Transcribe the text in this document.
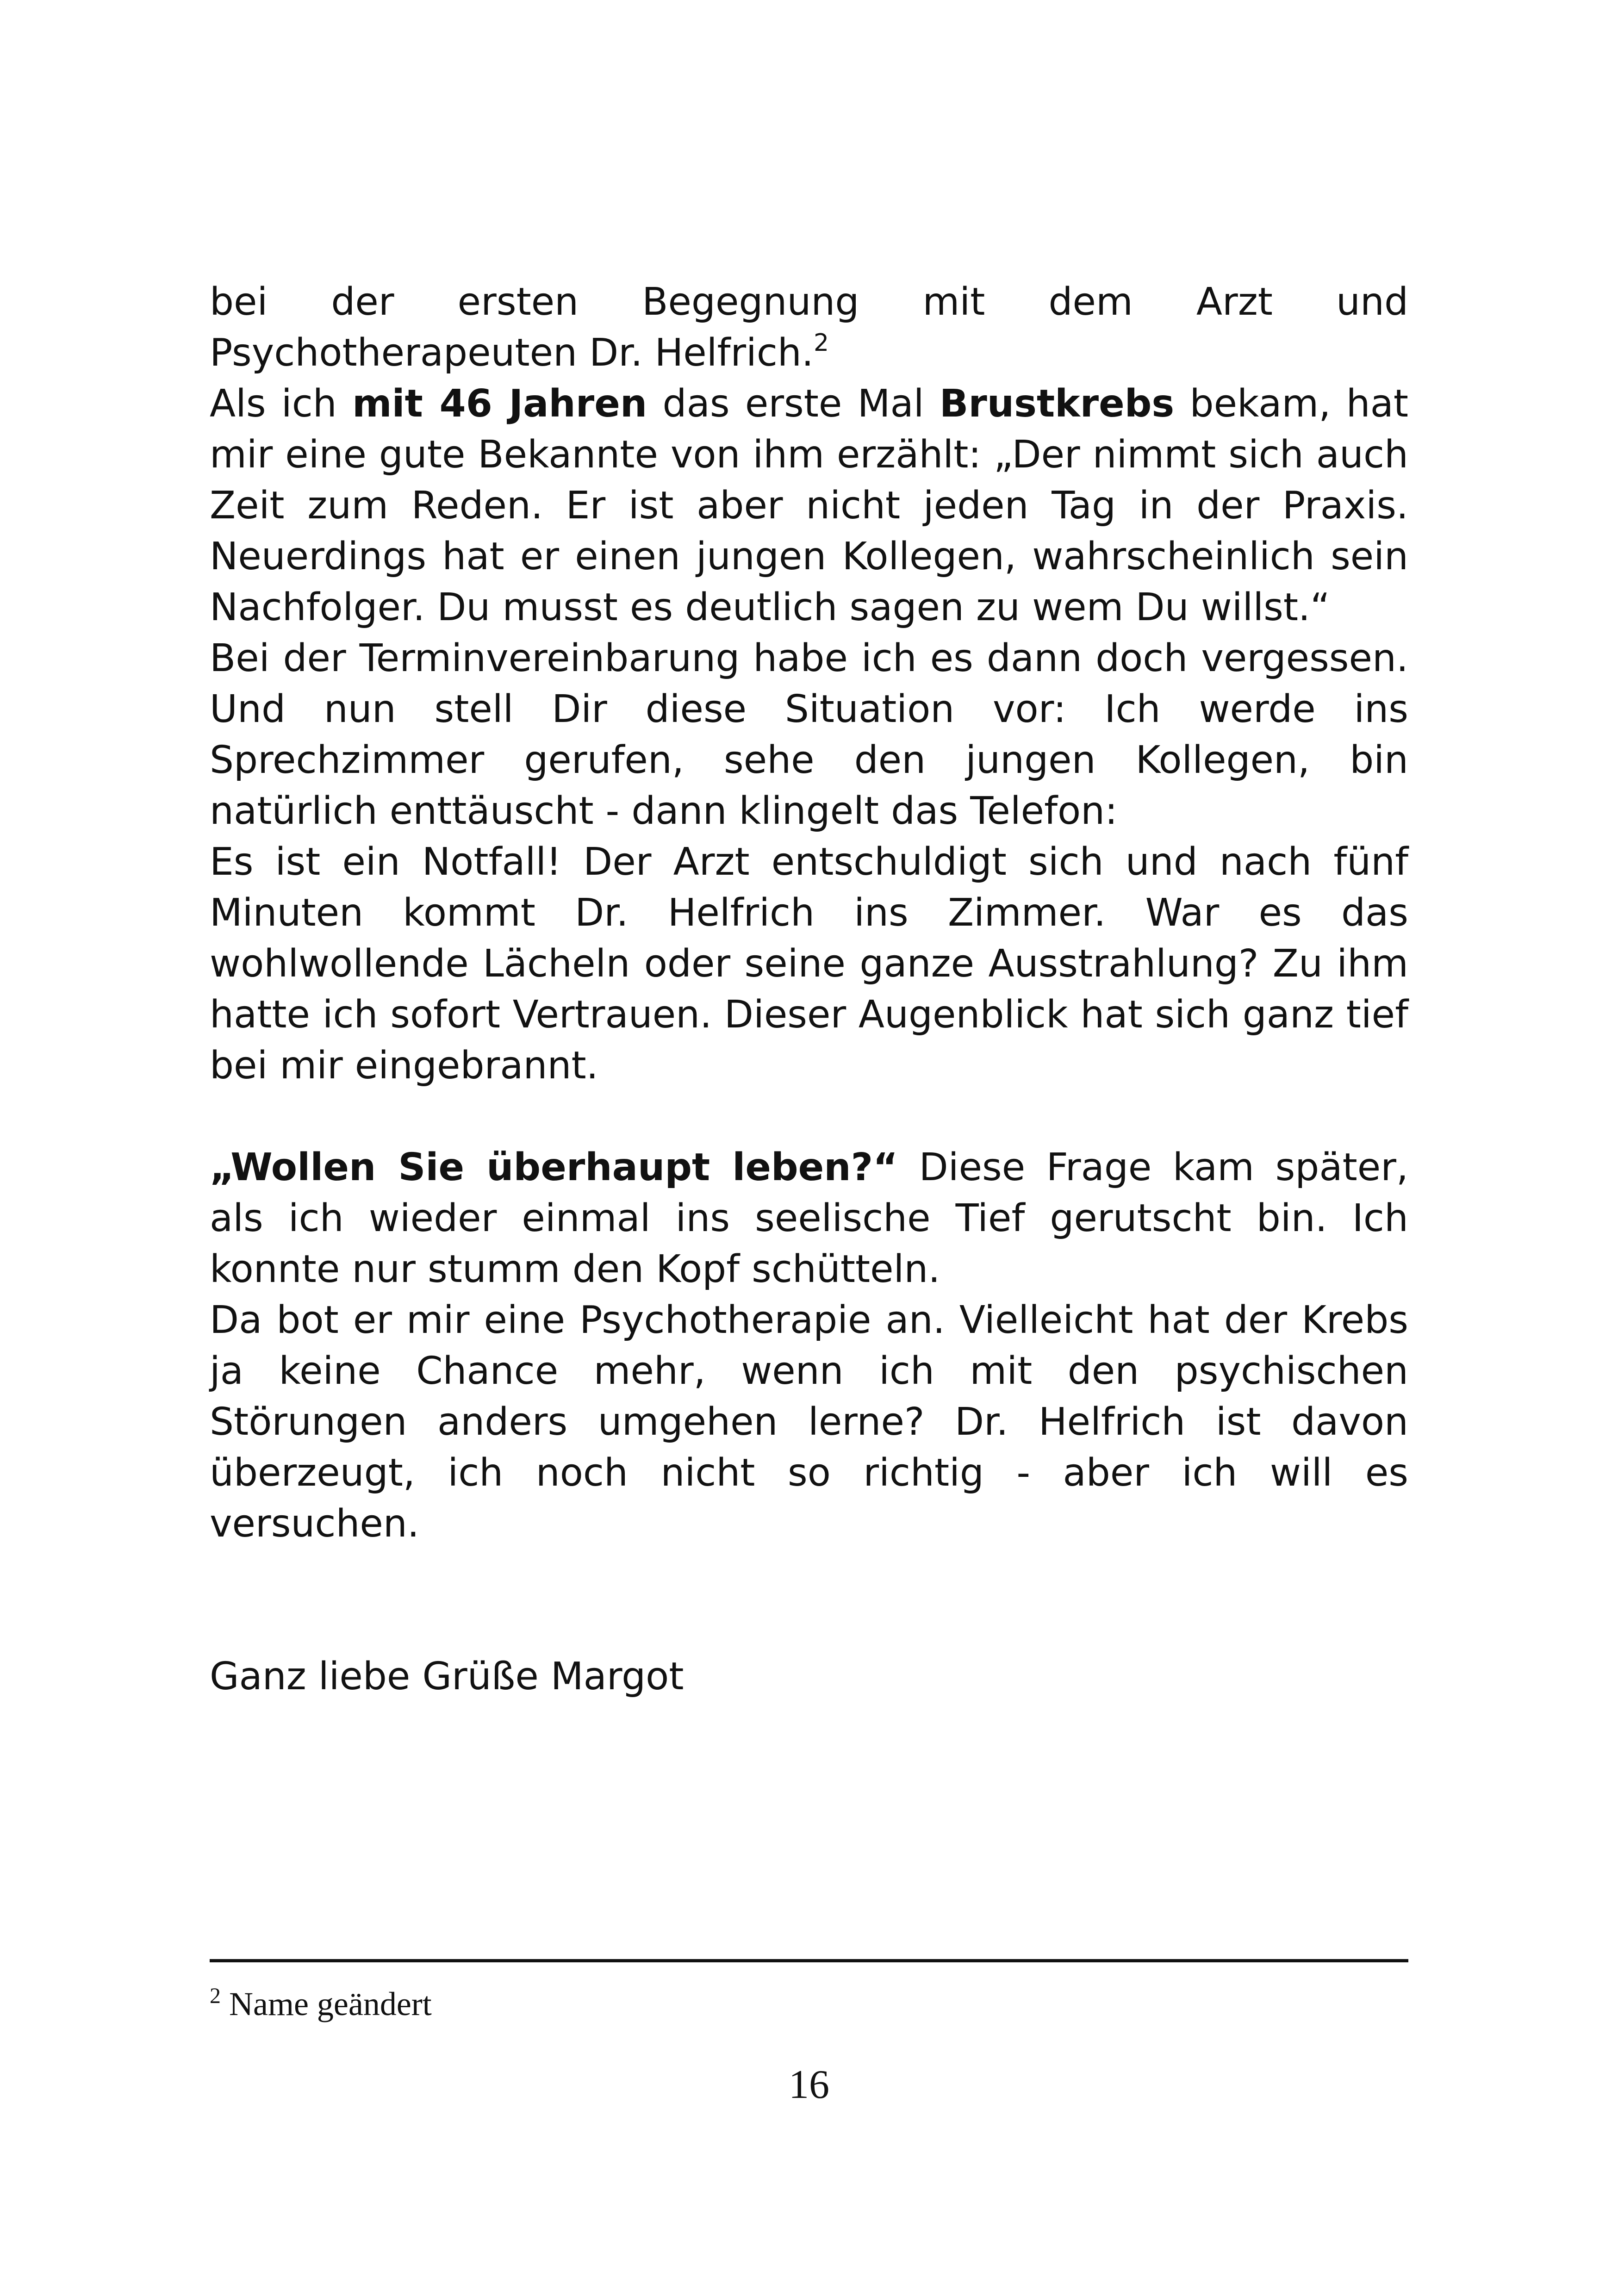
bei der ersten Begegnung mit dem Arzt und Psychotherapeuten Dr. Helfrich.$^2$

Als ich mit 46 Jahren das erste Mal Brustkrebs bekam, hat mir eine gute Bekannte von ihm erzählt: „Der nimmt sich auch Zeit zum Reden. Er ist aber nicht jeden Tag in der Praxis. Neuerdings hat er einen jungen Kollegen, wahrscheinlich sein Nachfolger. Du musst es deutlich sagen zu wem Du willst.“

Bei der Terminvereinbarung habe ich es dann doch vergessen. Und nun stell Dir diese Situation vor: Ich werde ins Sprechzimmer gerufen, sehe den jungen Kollegen, bin natürlich enttäuscht - dann klingelt das Telefon:

Es ist ein Notfall! Der Arzt entschuldigt sich und nach fünf Minuten kommt Dr. Helfrich ins Zimmer. War es das wohlwollende Lächeln oder seine ganze Ausstrahlung? Zu ihm hatte ich sofort Vertrauen. Dieser Augenblick hat sich ganz tief bei mir eingebrannt.

„Wollen Sie überhaupt leben?“ Diese Frage kam später, als ich wieder einmal ins seelische Tief gerutscht bin. Ich konnte nur stumm den Kopf schütteln.

Da bot er mir eine Psychotherapie an. Vielleicht hat der Krebs ja keine Chance mehr, wenn ich mit den psychischen Störungen anders umgehen lerne? Dr. Helfrich ist davon überzeugt, ich noch nicht so richtig - aber ich will es versuchen.

Ganz liebe Grüße Margot

$^2$ Name geändert
16
